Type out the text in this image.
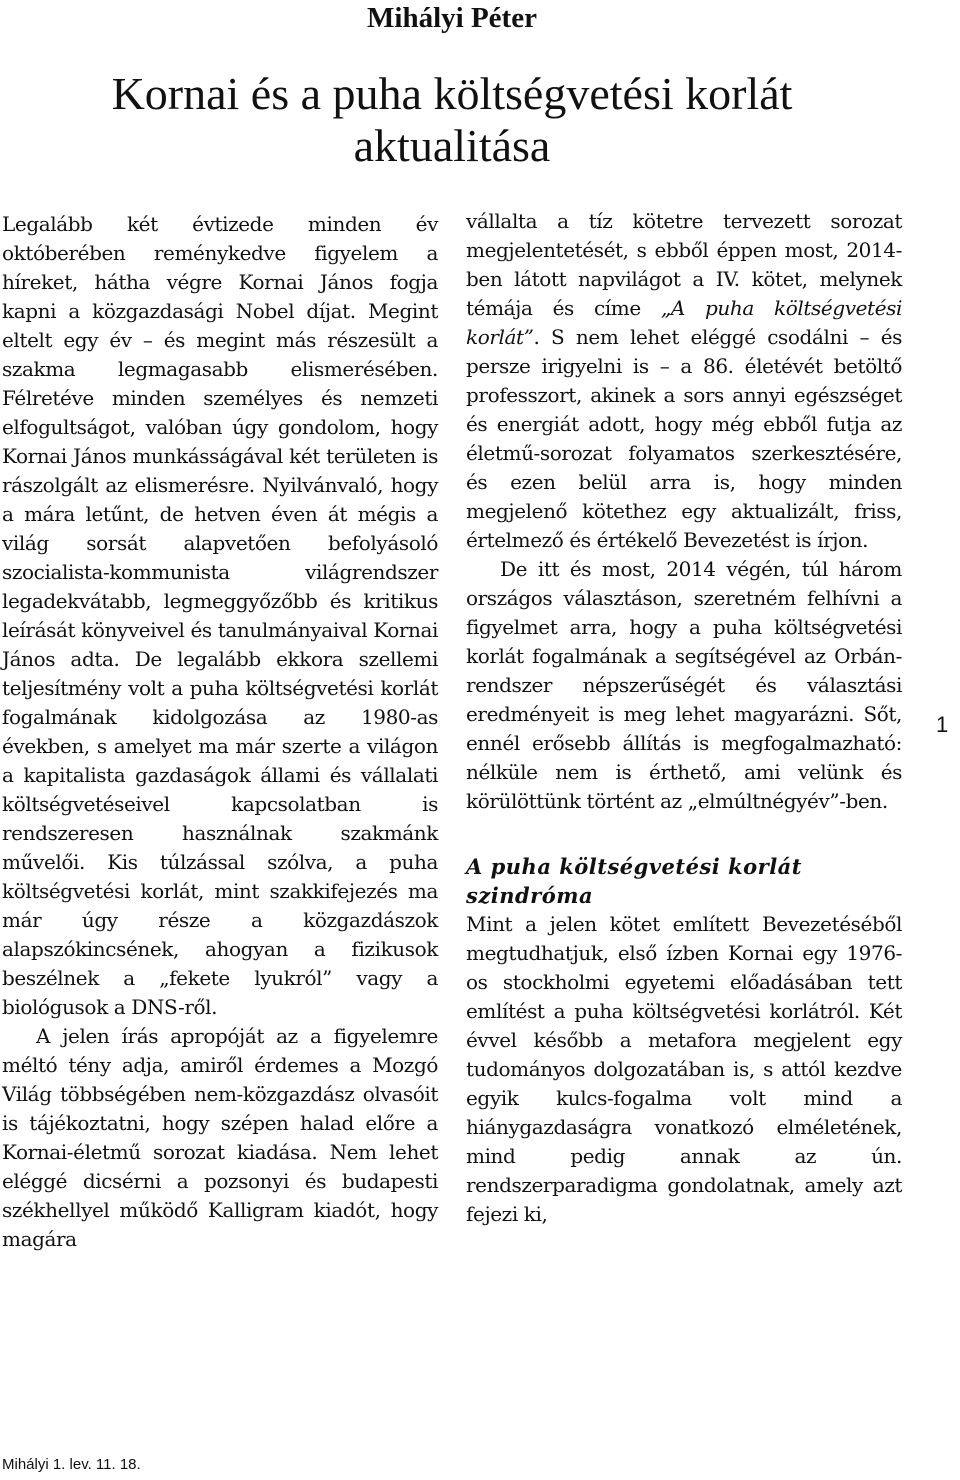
Mihályi Péter
Kornai és a puha költségvetési korlát
aktualitása

Legalább két évtizede minden év októberében reménykedve figyelem a híreket, hátha végre Kornai János fogja kapni a közgazdasági Nobel díjat. Megint eltelt egy év – és megint más részesült a szakma legmagasabb elismerésében. Félretéve minden személyes és nemzeti elfogultságot, valóban úgy gondolom, hogy Kornai János munkásságával két területen is rászolgált az elismerésre. Nyilvánvaló, hogy a mára letűnt, de hetven éven át mégis a világ sorsát alapvetően befolyásoló szocialista-kommunista világrendszer legadekvátabb, legmeggyőzőbb és kritikus leírását könyveivel és tanulmányaival Kornai János adta. De legalább ekkora szellemi teljesítmény volt a puha költségvetési korlát fogalmának kidolgozása az 1980-as években, s amelyet ma már szerte a világon a kapitalista gazdaságok állami és vállalati költségvetéseivel kapcsolatban is rendszeresen használnak szakmánk művelői. Kis túlzással szólva, a puha költségvetési korlát, mint szakkifejezés ma már úgy része a közgazdászok alapszókincsének, ahogyan a fizikusok beszélnek a „fekete lyukról” vagy a biológusok a DNS-ről.

A jelen írás apropóját az a figyelemre méltó tény adja, amiről érdemes a Mozgó Világ többségében nem-közgazdász olvasóit is tájékoztatni, hogy szépen halad előre a Kornai-életmű sorozat kiadása. Nem lehet eléggé dicsérni a pozsonyi és budapesti székhellyel működő Kalligram kiadót, hogy magára

vállalta a tíz kötetre tervezett sorozat megjelentetését, s ebből éppen most, 2014-ben látott napvilágot a IV. kötet, melynek témája és címe „A puha költségvetési korlát”. S nem lehet eléggé csodálni – és persze irigyelni is – a 86. életévét betöltő professzort, akinek a sors annyi egészséget és energiát adott, hogy még ebből futja az életmű-sorozat folyamatos szerkesztésére, és ezen belül arra is, hogy minden megjelenő kötethez egy aktualizált, friss, értelmező és értékelő Bevezetést is írjon.

De itt és most, 2014 végén, túl három országos választáson, szeretném felhívni a figyelmet arra, hogy a puha költségvetési korlát fogalmának a segítségével az Orbán-rendszer népszerűségét és választási eredményeit is meg lehet magyarázni. Sőt, ennél erősebb állítás is megfogalmazható: nélküle nem is érthető, ami velünk és körülöttünk történt az „elmúltnégyév”-ben.

A puha költségvetési korlát szindróma

Mint a jelen kötet említett Bevezetéséből megtudhatjuk, első ízben Kornai egy 1976-os stockholmi egyetemi előadásában tett említést a puha költségvetési korlátról. Két évvel később a metafora megjelent egy tudományos dolgozatában is, s attól kezdve egyik kulcs-fogalma volt mind a hiánygazdaságra vonatkozó elméletének, mind pedig annak az ún. rendszerparadigma gondolatnak, amely azt fejezi ki,

1
Mihályi 1. lev. 11. 18.
